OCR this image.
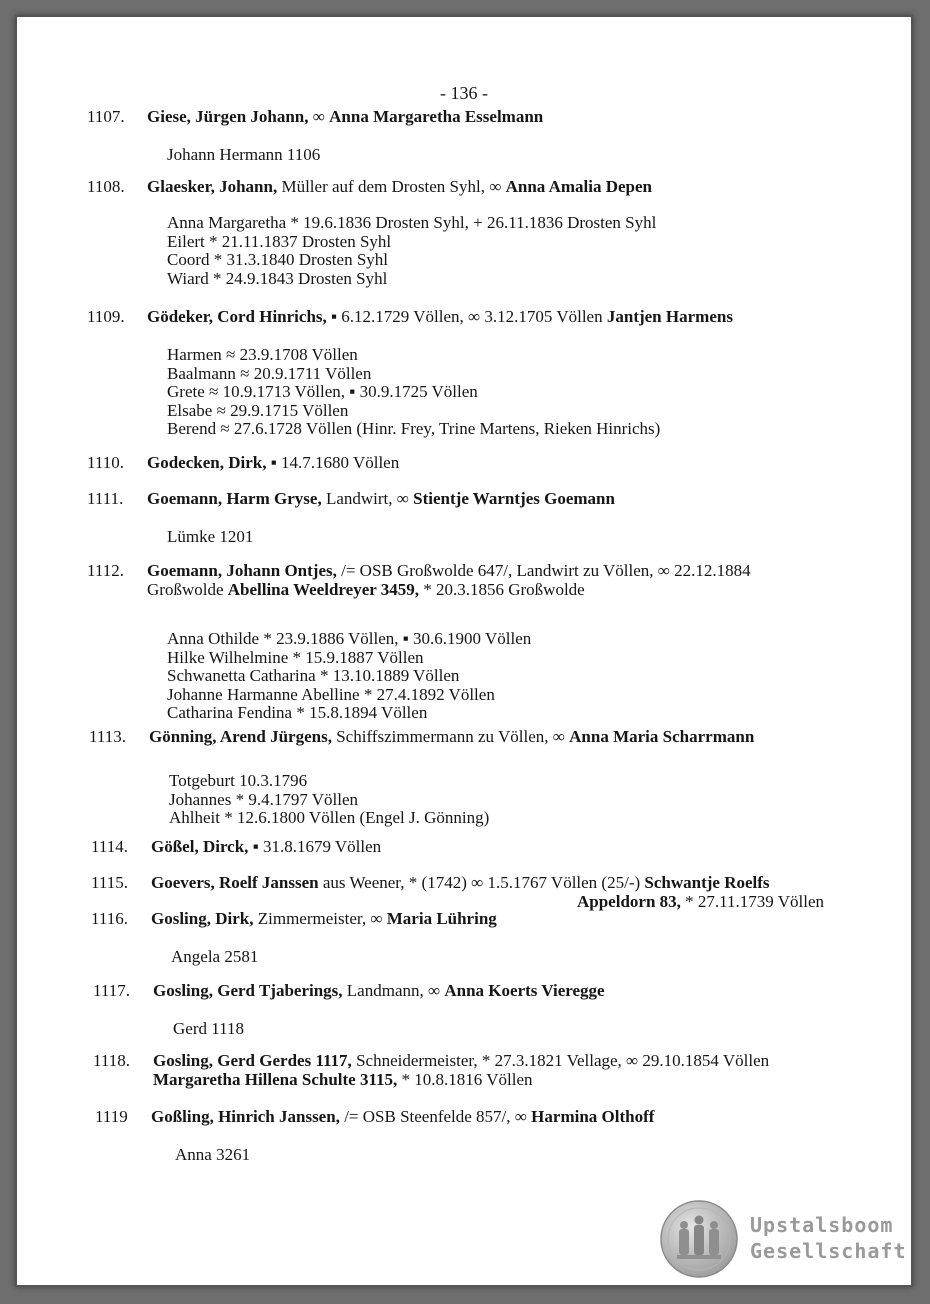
- 136 -
1107. Giese, Jürgen Johann, ∞ Anna Margaretha Esselmann
Johann Hermann 1106
1108. Glaesker, Johann, Müller auf dem Drosten Syhl, ∞ Anna Amalia Depen
Anna Margaretha * 19.6.1836 Drosten Syhl, + 26.11.1836 Drosten Syhl
Eilert * 21.11.1837 Drosten Syhl
Coord * 31.3.1840 Drosten Syhl
Wiard * 24.9.1843 Drosten Syhl
1109. Gödeker, Cord Hinrichs, ▪ 6.12.1729 Völlen, ∞ 3.12.1705 Völlen Jantjen Harmens
Harmen ≈ 23.9.1708 Völlen
Baalmann ≈ 20.9.1711 Völlen
Grete ≈ 10.9.1713 Völlen, ▪ 30.9.1725 Völlen
Elsabe ≈ 29.9.1715 Völlen
Berend ≈ 27.6.1728 Völlen (Hinr. Frey, Trine Martens, Rieken Hinrichs)
1110. Godecken, Dirk, ▪ 14.7.1680 Völlen
1111. Goemann, Harm Gryse, Landwirt, ∞ Stientje Warntjes Goemann
Lümke 1201
1112. Goemann, Johann Ontjes, /= OSB Großwolde 647/, Landwirt zu Völlen, ∞ 22.12.1884
Großwolde Abellina Weeldreyer 3459, * 20.3.1856 Großwolde
Anna Othilde * 23.9.1886 Völlen, ▪ 30.6.1900 Völlen
Hilke Wilhelmine * 15.9.1887 Völlen
Schwanetta Catharina * 13.10.1889 Völlen
Johanne Harmanne Abelline * 27.4.1892 Völlen
Catharina Fendina * 15.8.1894 Völlen
1113. Gönning, Arend Jürgens, Schiffszimmermann zu Völlen, ∞ Anna Maria Scharrmann
Totgeburt 10.3.1796
Johannes * 9.4.1797 Völlen
Ahlheit * 12.6.1800 Völlen (Engel J. Gönning)
1114. Gößel, Dirck, ▪ 31.8.1679 Völlen
1115. Goevers, Roelf Janssen aus Weener, * (1742) ∞ 1.5.1767 Völlen (25/-) Schwantje Roelfs
Appeldorn 83, * 27.11.1739 Völlen
1116. Gosling, Dirk, Zimmermeister, ∞ Maria Lühring
Angela 2581
1117. Gosling, Gerd Tjaberings, Landmann, ∞ Anna Koerts Vieregge
Gerd 1118
1118. Gosling, Gerd Gerdes 1117, Schneidermeister, * 27.3.1821 Vellage, ∞ 29.10.1854 Völlen
Margaretha Hillena Schulte 3115, * 10.8.1816 Völlen
1119 Goßling, Hinrich Janssen, /= OSB Steenfelde 857/, ∞ Harmina Olthoff
Anna 3261
Upstalsboom
Gesellschaft
